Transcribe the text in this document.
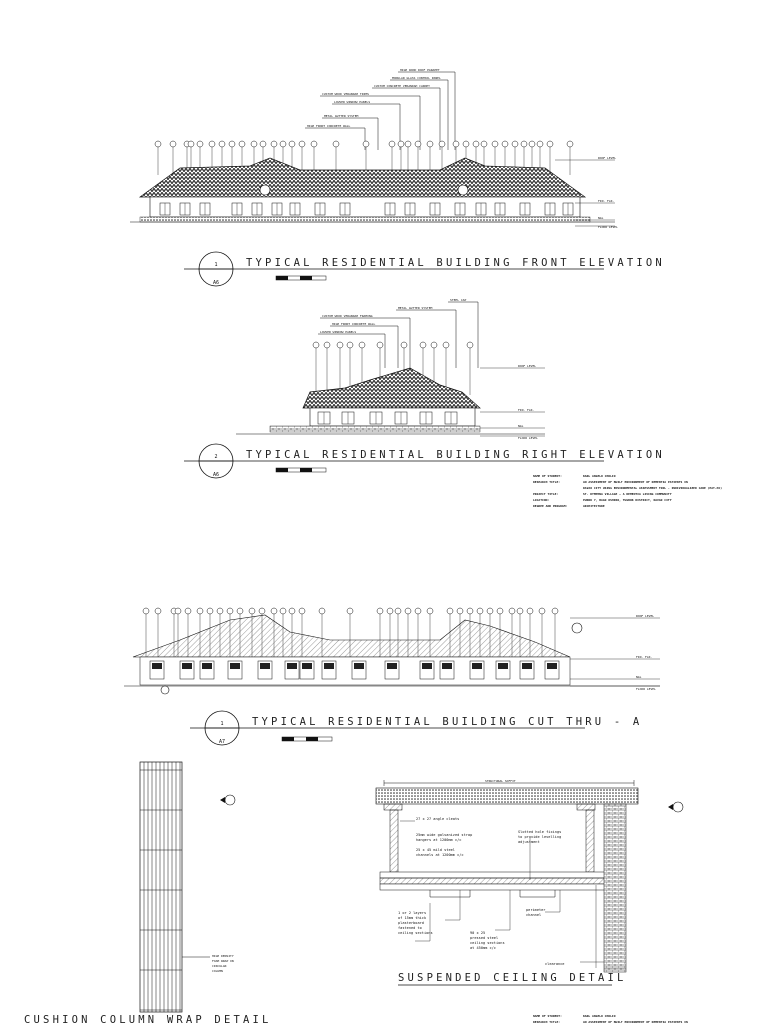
HIGH WOOD ROOF PARAPET
MODULAR GLASS CONTROL PANEL
CUSTOM CONCRETE VERANDAH CANOPY
CUSTOM WOOD VERANDAH TRIMS
LOUVER WINDOW PANELS
METAL GUTTER SYSTEM
HIGH FRONT CONCRETE WALL
ROOF LEVEL
FIN. FLR.
NGL
FLOOR LEVEL
1
A6
TYPICAL RESIDENTIAL BUILDING FRONT ELEVATION
STEEL CAP
METAL GUTTER SYSTEM
CUSTOM WOOD VERANDAH FRAMING
HIGH FRONT CONCRETE WALL
LOUVER WINDOW PANELS
ROOF LEVEL
FIN. FLR.
NGL
FLOOR LEVEL
2
A6
TYPICAL RESIDENTIAL BUILDING RIGHT ELEVATION
NAME OF STUDENT:	KARL ANGELO CHOLIO
RESEARCH TITLE:	AN ASSESSMENT OF BUILT ENVIRONMENT OF DEMENTIA PATIENTS IN
DAVAO CITY USING ENVIRONMENTAL ASSESSMENT TOOL - INDIVIDUALIZED CARE (EAT-HC)
PROJECT TITLE:	ST. DYMPHNA VILLAGE - A DEMENTIA LIVING COMMUNITY
LOCATION:	PUROK 7, BAGO OSHIRO, TUGBOK DISTRICT, DAVAO CITY
DEGREE AND PROGRAM:	ARCHITECTURE
ROOF LEVEL
FIN. FLR.
NGL
FLOOR LEVEL
1
A7
TYPICAL RESIDENTIAL BUILDING CUT THRU - A
HIGH DENSITY
FOAM WRAP ON
CIRCULAR
COLUMN
CUSHION COLUMN WRAP DETAIL
STRUCTURAL SOFFIT
27 x 27 angle cleats
25mm wide galvanized strap
hangers at 1200mm c/c
25 x 45 mild steel
channels at 1200mm c/c
Slotted hole fixings
to provide levelling
adjustment
1 or 2 layers
of 15mm thick
plasterboard
fastened to
ceiling sections	90 x 25
pressed steel
ceiling sections
at 450mm c/c
perimeter
channel
clearance
SUSPENDED CEILING DETAIL
NAME OF STUDENT:	KARL ANGELO CHOLIO
RESEARCH TITLE:	AN ASSESSMENT OF BUILT ENVIRONMENT OF DEMENTIA PATIENTS IN
